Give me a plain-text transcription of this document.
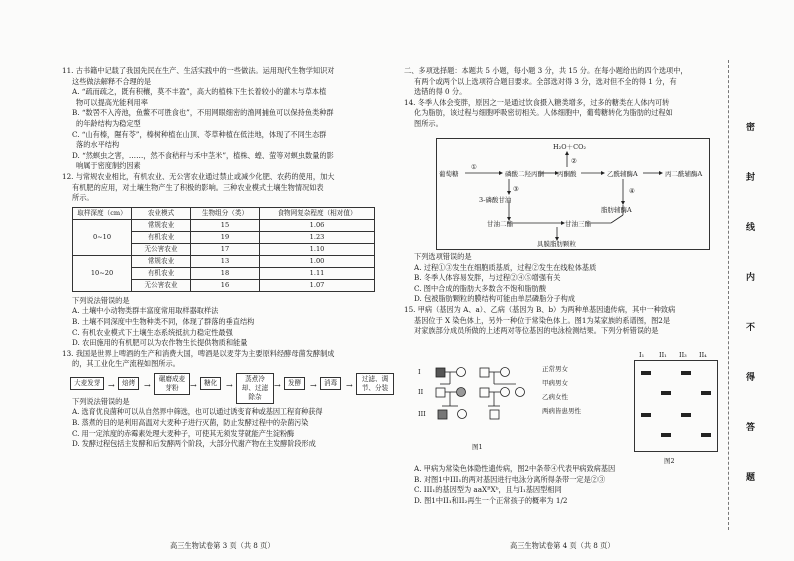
11. 古书籍中记载了我国先民在生产、生活实践中的一些做法。运用现代生物学知识对

这些做法解释不合理的是

A. “疏而疏之，既有积穰，莫不丰盈”，高大的植株下生长着较小的灌木与草本植

物可以提高光能利用率

B. “数罟不入洿池，鱼鳖不可胜食也”，不用网眼细密的渔网捕鱼可以保持鱼类种群

的年龄结构为稳定型

C. “山有榛，隰有苓”，榛树种植在山顶、苓草种植在低洼地，体现了不同生态群

落的水平结构

D. “然螟虫之害，……，然不食秸秆与禾中茎米”，植株、蝗、萤等对螟虫数量的影

响属于密度制约因素

12. 与常规农业相比，有机农业、无公害农业通过禁止或减少化肥、农药的使用，加大

有机肥的应用，对土壤生物产生了积极的影响。三种农业模式土壤生物情况如表

所示。

取样深度（cm）	农业模式	生物组分（类）	食物网复杂程度（相对值）
0~10	常规农业	15	1.06
	有机农业	19	1.23
	无公害农业	17	1.10
10~20	常规农业	13	1.00
	有机农业	18	1.11
	无公害农业	16	1.07

下列说法错误的是

A. 土壤中小动物类群丰富度常用取样器取样法

B. 土壤不同深度中生物种类不同，体现了群落的垂直结构

C. 有机农业模式下土壤生态系统抵抗力稳定性最强

D. 农田施用的有机肥可以为农作物生长提供物质和能量

13. 我国是世界上啤酒的生产和消费大国，啤酒是以麦芽为主要原料经酵母菌发酵制成

的，其工业化生产流程如图所示。

大麦发芽 →	焙烤	→
碾磨成麦芽粉	→	糖化	→
蒸煮冷却、过滤除杂
→	发酵	→	消毒	→
过滤、调节、分装

下列说法错误的是

A. 选育优良菌种可以从自然界中筛选，也可以通过诱变育种或基因工程育种获得

B. 蒸煮的目的是利用高温对大麦种子进行灭菌，防止发酵过程中的杂菌污染

C. 用一定浓度的赤霉素处理大麦种子，可使其无须发芽就能产生淀粉酶

D. 发酵过程包括主发酵和后发酵两个阶段，大部分代谢产物在主发酵阶段形成

高三生物试卷第 3 页（共 8 页）

二、多项选择题：本题共 5 小题，每小题 3 分，共 15 分。在每小题给出的四个选项中，

有两个或两个以上选项符合题目要求。全部选对得 3 分，选对但不全的得 1 分，有

选错的得 0 分。

14. 冬季人体会变胖，原因之一是通过饮食摄入糖类增多，过多的糖类在人体内可转

化为脂肪，该过程与细胞呼吸密切相关。人体细胞中，葡萄糖转化为脂肪的过程如

图所示。

葡萄糖
①
磷酸二羟丙酮 丙酮酸
H₂O＋CO₂
②
乙酰辅酶A	丙二酰辅酶A
3-磷酸甘油
③	④
脂肪辅酶A
甘油二酯	甘油三酯
具膜脂肪颗粒

下列选项错误的是

A. 过程①③发生在细胞质基质，过程②发生在线粒体基质

B. 冬季人体容易发胖，与过程②④⑤增强有关

C. 图中合成的脂肪大多数含不饱和脂肪酸

D. 包被脂肪颗粒的膜结构可能由单层磷脂分子构成

15. 甲病（基因为 A、a）、乙病（基因为 B、b）为两种单基因遗传病，其中一种致病

基因位于 X 染色体上，另外一种位于常染色体上。图1为某家族的系谱图，图2是

对家族部分成员所做的上述两对等位基因的电泳检测结果。下列分析错误的是

I
II
III
正常男女
甲病男女
乙病女性
两病皆患男性
图1
I₁ II₁ II₃ II₄
图2

A. 甲病为常染色体隐性遗传病，图2中条带④代表甲病致病基因

B. 对图1中III₁的两对基因进行电泳分离所得条带一定是②③

C. III₁的基因型为 aaXᴮXᵇ，且与I₁基因型相同

D. 图1中II₁和II₂再生一个正常孩子的概率为 1/2

高三生物试卷第 4 页（共 8 页）
密
封
线
内
不
得
答
题
